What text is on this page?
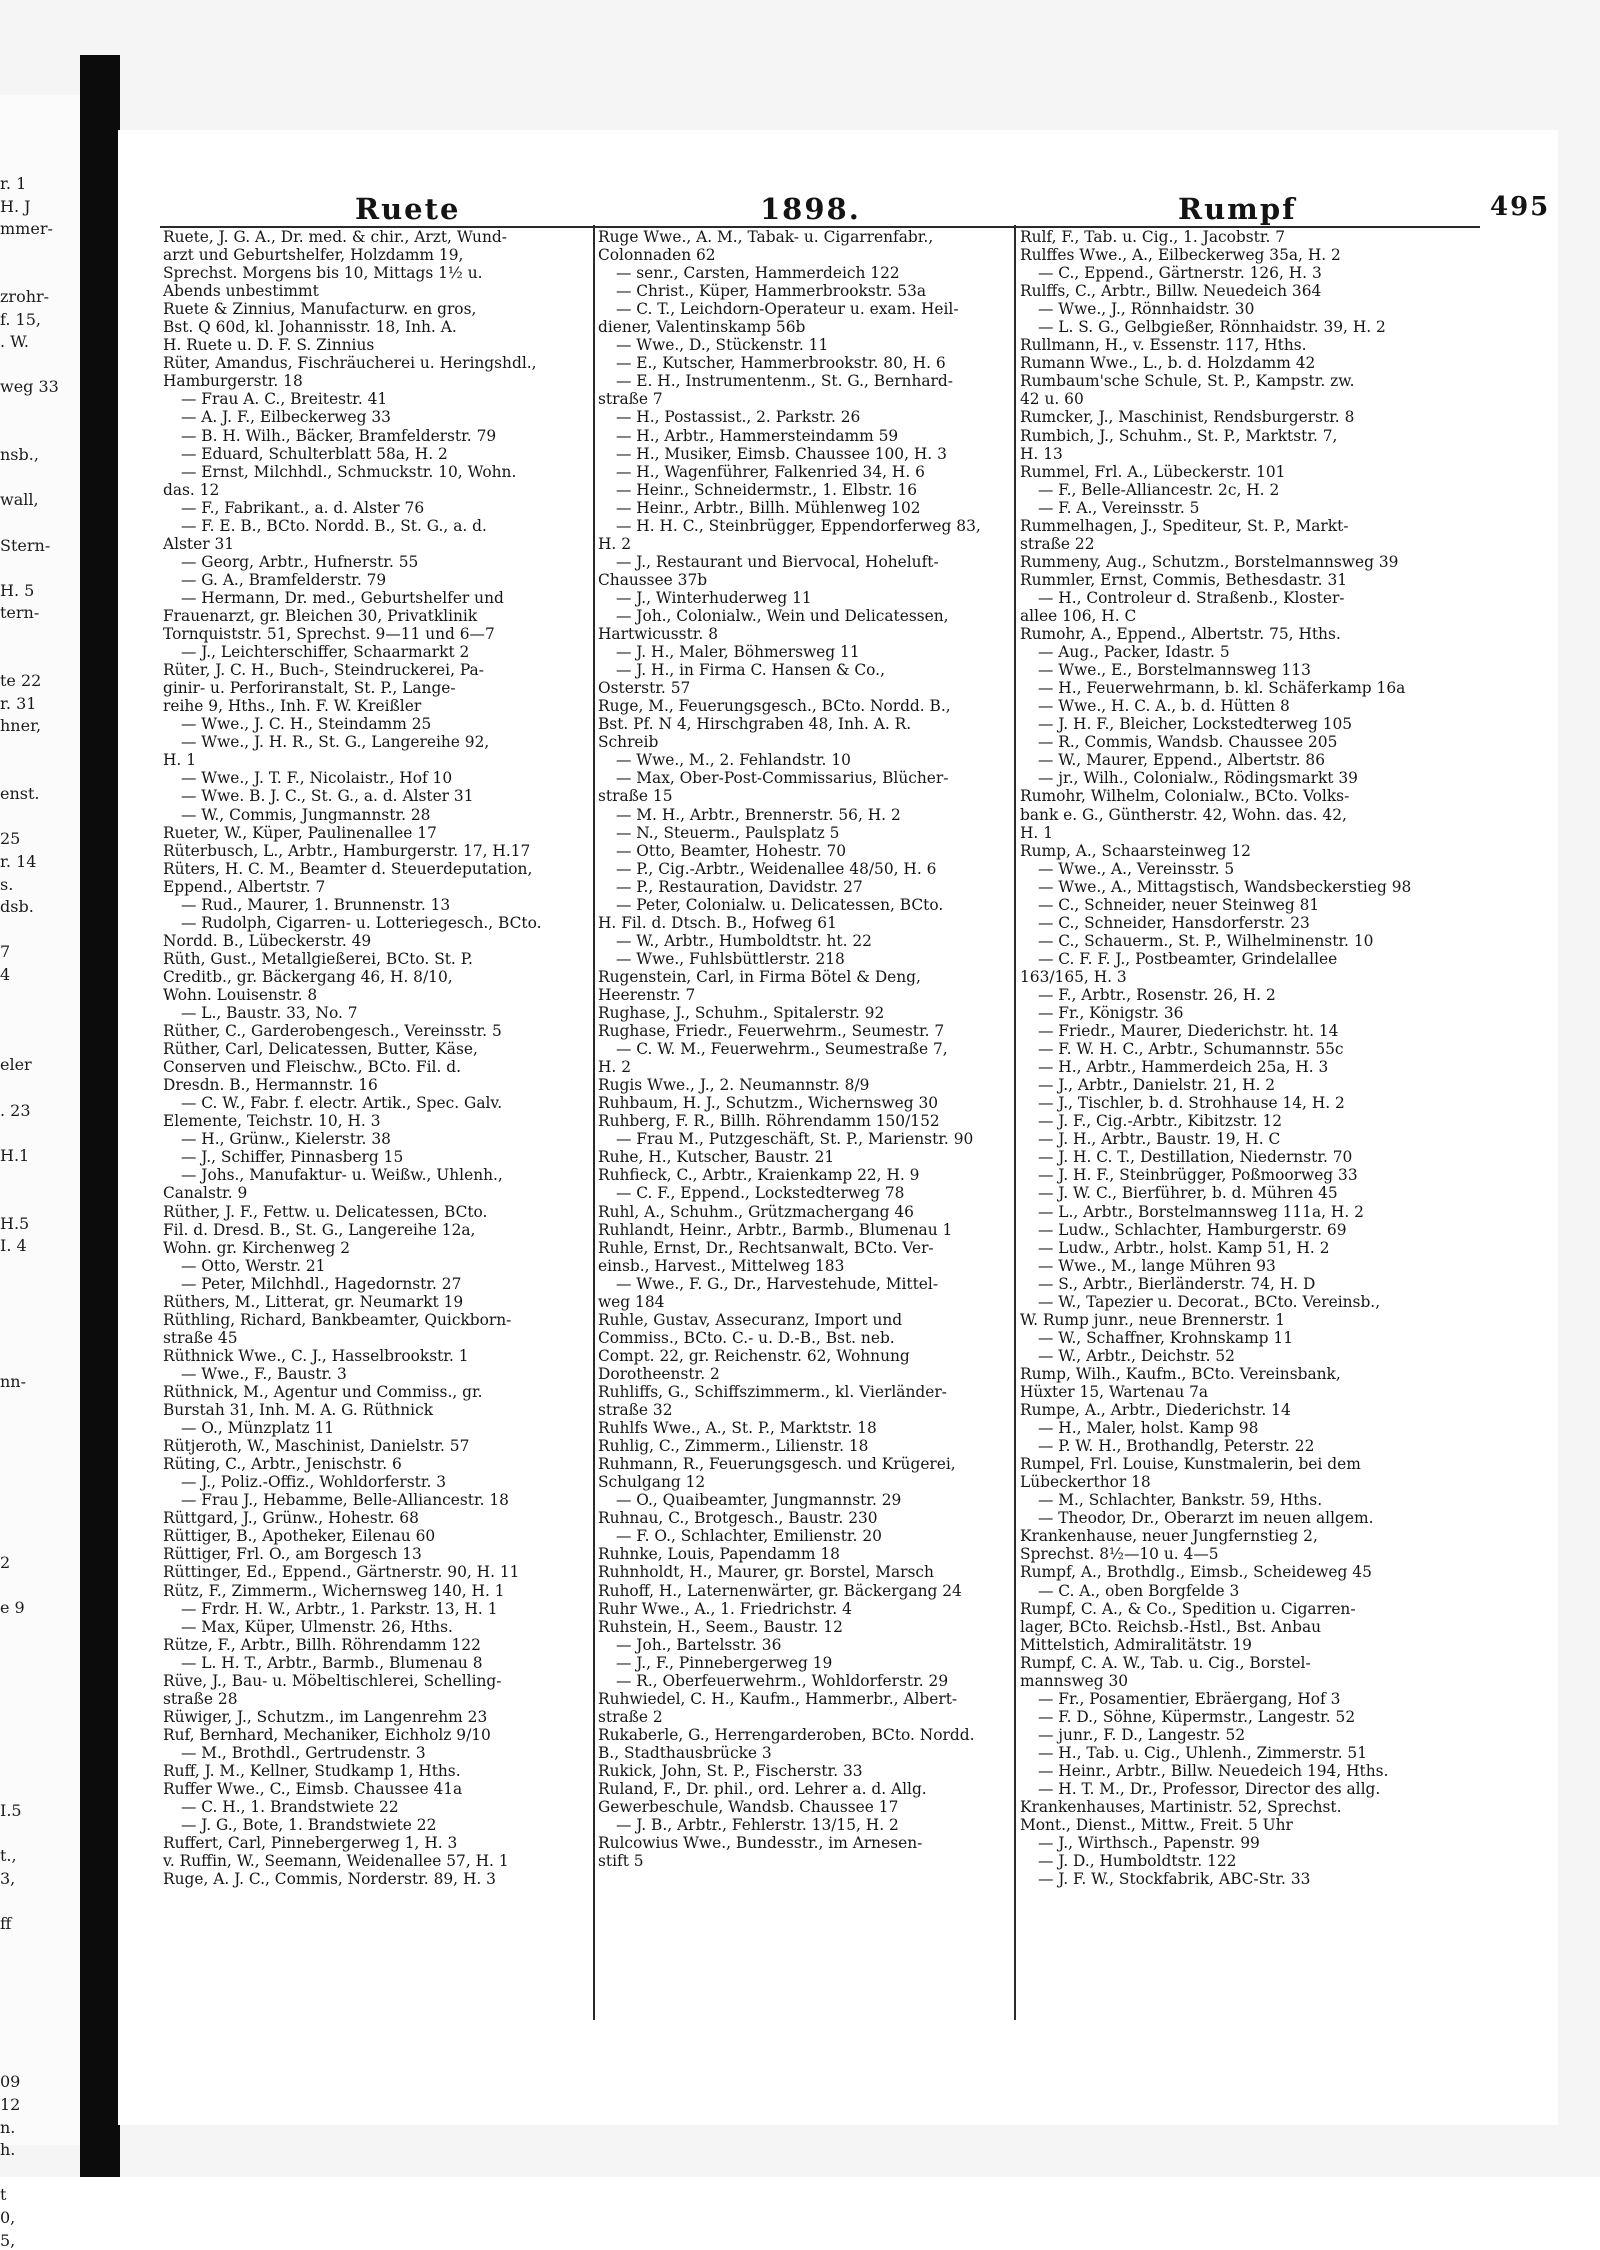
r. 1
H. J
mmer-
zrohr-
f. 15,
. W.
weg 33
nsb.,
wall,
Stern-
H. 5
tern-
te 22
r. 31
hner,
enst.
25
r. 14
s.
dsb.
7
4
eler
. 23
H.1
H.5
I. 4
nn-
2
e 9
I.5
t.,
3,
ff
09
12
n.
h.
t
0,
5,
Ruete	1898.	Rumpf	495
Ruete, J. G. A., Dr. med. & chir., Arzt, Wund-
arzt und Geburtshelfer, Holzdamm 19,
Sprechst. Morgens bis 10, Mittags 1½ u.
Abends unbestimmt
Ruete & Zinnius, Manufacturw. en gros,
Bst. Q 60d, kl. Johannisstr. 18, Inh. A.
H. Ruete u. D. F. S. Zinnius
Rüter, Amandus, Fischräucherei u. Heringshdl.,
Hamburgerstr. 18
— Frau A. C., Breitestr. 41
— A. J. F., Eilbeckerweg 33
— B. H. Wilh., Bäcker, Bramfelderstr. 79
— Eduard, Schulterblatt 58a, H. 2
— Ernst, Milchhdl., Schmuckstr. 10, Wohn.
das. 12
— F., Fabrikant., a. d. Alster 76
— F. E. B., BCto. Nordd. B., St. G., a. d.
Alster 31
— Georg, Arbtr., Hufnerstr. 55
— G. A., Bramfelderstr. 79
— Hermann, Dr. med., Geburtshelfer und
Frauenarzt, gr. Bleichen 30, Privatklinik
Tornquiststr. 51, Sprechst. 9—11 und 6—7
— J., Leichterschiffer, Schaarmarkt 2
Rüter, J. C. H., Buch-, Steindruckerei, Pa-
ginir- u. Perforiranstalt, St. P., Lange-
reihe 9, Hths., Inh. F. W. Kreißler
— Wwe., J. C. H., Steindamm 25
— Wwe., J. H. R., St. G., Langereihe 92,
H. 1
— Wwe., J. T. F., Nicolaistr., Hof 10
— Wwe. B. J. C., St. G., a. d. Alster 31
— W., Commis, Jungmannstr. 28
Rueter, W., Küper, Paulinenallee 17
Rüterbusch, L., Arbtr., Hamburgerstr. 17, H.17
Rüters, H. C. M., Beamter d. Steuerdeputation,
Eppend., Albertstr. 7
— Rud., Maurer, 1. Brunnenstr. 13
— Rudolph, Cigarren- u. Lotteriegesch., BCto.
Nordd. B., Lübeckerstr. 49
Rüth, Gust., Metallgießerei, BCto. St. P.
Creditb., gr. Bäckergang 46, H. 8/10,
Wohn. Louisenstr. 8
— L., Baustr. 33, No. 7
Rüther, C., Garderobengesch., Vereinsstr. 5
Rüther, Carl, Delicatessen, Butter, Käse,
Conserven und Fleischw., BCto. Fil. d.
Dresdn. B., Hermannstr. 16
— C. W., Fabr. f. electr. Artik., Spec. Galv.
Elemente, Teichstr. 10, H. 3
— H., Grünw., Kielerstr. 38
— J., Schiffer, Pinnasberg 15
— Johs., Manufaktur- u. Weißw., Uhlenh.,
Canalstr. 9
Rüther, J. F., Fettw. u. Delicatessen, BCto.
Fil. d. Dresd. B., St. G., Langereihe 12a,
Wohn. gr. Kirchenweg 2
— Otto, Werstr. 21
— Peter, Milchhdl., Hagedornstr. 27
Rüthers, M., Litterat, gr. Neumarkt 19
Rüthling, Richard, Bankbeamter, Quickborn-
straße 45
Rüthnick Wwe., C. J., Hasselbrookstr. 1
— Wwe., F., Baustr. 3
Rüthnick, M., Agentur und Commiss., gr.
Burstah 31, Inh. M. A. G. Rüthnick
— O., Münzplatz 11
Rütjeroth, W., Maschinist, Danielstr. 57
Rüting, C., Arbtr., Jenischstr. 6
— J., Poliz.-Offiz., Wohldorferstr. 3
— Frau J., Hebamme, Belle-Alliancestr. 18
Rüttgard, J., Grünw., Hohestr. 68
Rüttiger, B., Apotheker, Eilenau 60
Rüttiger, Frl. O., am Borgesch 13
Rüttinger, Ed., Eppend., Gärtnerstr. 90, H. 11
Rütz, F., Zimmerm., Wichernsweg 140, H. 1
— Frdr. H. W., Arbtr., 1. Parkstr. 13, H. 1
— Max, Küper, Ulmenstr. 26, Hths.
Rütze, F., Arbtr., Billh. Röhrendamm 122
— L. H. T., Arbtr., Barmb., Blumenau 8
Rüve, J., Bau- u. Möbeltischlerei, Schelling-
straße 28
Rüwiger, J., Schutzm., im Langenrehm 23
Ruf, Bernhard, Mechaniker, Eichholz 9/10
— M., Brothdl., Gertrudenstr. 3
Ruff, J. M., Kellner, Studkamp 1, Hths.
Ruffer Wwe., C., Eimsb. Chaussee 41a
— C. H., 1. Brandstwiete 22
— J. G., Bote, 1. Brandstwiete 22
Ruffert, Carl, Pinnebergerweg 1, H. 3
v. Ruffin, W., Seemann, Weidenallee 57, H. 1
Ruge, A. J. C., Commis, Norderstr. 89, H. 3
Ruge Wwe., A. M., Tabak- u. Cigarrenfabr.,
Colonnaden 62
— senr., Carsten, Hammerdeich 122
— Christ., Küper, Hammerbrookstr. 53a
— C. T., Leichdorn-Operateur u. exam. Heil-
diener, Valentinskamp 56b
— Wwe., D., Stückenstr. 11
— E., Kutscher, Hammerbrookstr. 80, H. 6
— E. H., Instrumentenm., St. G., Bernhard-
straße 7
— H., Postassist., 2. Parkstr. 26
— H., Arbtr., Hammersteindamm 59
— H., Musiker, Eimsb. Chaussee 100, H. 3
— H., Wagenführer, Falkenried 34, H. 6
— Heinr., Schneidermstr., 1. Elbstr. 16
— Heinr., Arbtr., Billh. Mühlenweg 102
— H. H. C., Steinbrügger, Eppendorferweg 83,
H. 2
— J., Restaurant und Biervocal, Hoheluft-
Chaussee 37b
— J., Winterhuderweg 11
— Joh., Colonialw., Wein und Delicatessen,
Hartwicusstr. 8
— J. H., Maler, Böhmersweg 11
— J. H., in Firma C. Hansen & Co.,
Osterstr. 57
Ruge, M., Feuerungsgesch., BCto. Nordd. B.,
Bst. Pf. N 4, Hirschgraben 48, Inh. A. R.
Schreib
— Wwe., M., 2. Fehlandstr. 10
— Max, Ober-Post-Commissarius, Blücher-
straße 15
— M. H., Arbtr., Brennerstr. 56, H. 2
— N., Steuerm., Paulsplatz 5
— Otto, Beamter, Hohestr. 70
— P., Cig.-Arbtr., Weidenallee 48/50, H. 6
— P., Restauration, Davidstr. 27
— Peter, Colonialw. u. Delicatessen, BCto.
H. Fil. d. Dtsch. B., Hofweg 61
— W., Arbtr., Humboldtstr. ht. 22
— Wwe., Fuhlsbüttlerstr. 218
Rugenstein, Carl, in Firma Bötel & Deng,
Heerenstr. 7
Rughase, J., Schuhm., Spitalerstr. 92
Rughase, Friedr., Feuerwehrm., Seumestr. 7
— C. W. M., Feuerwehrm., Seumestraße 7,
H. 2
Rugis Wwe., J., 2. Neumannstr. 8/9
Ruhbaum, H. J., Schutzm., Wichernsweg 30
Ruhberg, F. R., Billh. Röhrendamm 150/152
— Frau M., Putzgeschäft, St. P., Marienstr. 90
Ruhe, H., Kutscher, Baustr. 21
Ruhfieck, C., Arbtr., Kraienkamp 22, H. 9
— C. F., Eppend., Lockstedterweg 78
Ruhl, A., Schuhm., Grützmachergang 46
Ruhlandt, Heinr., Arbtr., Barmb., Blumenau 1
Ruhle, Ernst, Dr., Rechtsanwalt, BCto. Ver-
einsb., Harvest., Mittelweg 183
— Wwe., F. G., Dr., Harvestehude, Mittel-
weg 184
Ruhle, Gustav, Assecuranz, Import und
Commiss., BCto. C.- u. D.-B., Bst. neb.
Compt. 22, gr. Reichenstr. 62, Wohnung
Dorotheenstr. 2
Ruhliffs, G., Schiffszimmerm., kl. Vierländer-
straße 32
Ruhlfs Wwe., A., St. P., Marktstr. 18
Ruhlig, C., Zimmerm., Lilienstr. 18
Ruhmann, R., Feuerungsgesch. und Krügerei,
Schulgang 12
— O., Quaibeamter, Jungmannstr. 29
Ruhnau, C., Brotgesch., Baustr. 230
— F. O., Schlachter, Emilienstr. 20
Ruhnke, Louis, Papendamm 18
Ruhnholdt, H., Maurer, gr. Borstel, Marsch
Ruhoff, H., Laternenwärter, gr. Bäckergang 24
Ruhr Wwe., A., 1. Friedrichstr. 4
Ruhstein, H., Seem., Baustr. 12
— Joh., Bartelsstr. 36
— J., F., Pinnebergerweg 19
— R., Oberfeuerwehrm., Wohldorferstr. 29
Ruhwiedel, C. H., Kaufm., Hammerbr., Albert-
straße 2
Rukaberle, G., Herrengarderoben, BCto. Nordd.
B., Stadthausbrücke 3
Rukick, John, St. P., Fischerstr. 33
Ruland, F., Dr. phil., ord. Lehrer a. d. Allg.
Gewerbeschule, Wandsb. Chaussee 17
— J. B., Arbtr., Fehlerstr. 13/15, H. 2
Rulcowius Wwe., Bundesstr., im Arnesen-
stift 5
Rulf, F., Tab. u. Cig., 1. Jacobstr. 7
Rulffes Wwe., A., Eilbeckerweg 35a, H. 2
— C., Eppend., Gärtnerstr. 126, H. 3
Rulffs, C., Arbtr., Billw. Neuedeich 364
— Wwe., J., Rönnhaidstr. 30
— L. S. G., Gelbgießer, Rönnhaidstr. 39, H. 2
Rullmann, H., v. Essenstr. 117, Hths.
Rumann Wwe., L., b. d. Holzdamm 42
Rumbaum'sche Schule, St. P., Kampstr. zw.
42 u. 60
Rumcker, J., Maschinist, Rendsburgerstr. 8
Rumbich, J., Schuhm., St. P., Marktstr. 7,
H. 13
Rummel, Frl. A., Lübeckerstr. 101
— F., Belle-Alliancestr. 2c, H. 2
— F. A., Vereinsstr. 5
Rummelhagen, J., Spediteur, St. P., Markt-
straße 22
Rummeny, Aug., Schutzm., Borstelmannsweg 39
Rummler, Ernst, Commis, Bethesdastr. 31
— H., Controleur d. Straßenb., Kloster-
allee 106, H. C
Rumohr, A., Eppend., Albertstr. 75, Hths.
— Aug., Packer, Idastr. 5
— Wwe., E., Borstelmannsweg 113
— H., Feuerwehrmann, b. kl. Schäferkamp 16a
— Wwe., H. C. A., b. d. Hütten 8
— J. H. F., Bleicher, Lockstedterweg 105
— R., Commis, Wandsb. Chaussee 205
— W., Maurer, Eppend., Albertstr. 86
— jr., Wilh., Colonialw., Rödingsmarkt 39
Rumohr, Wilhelm, Colonialw., BCto. Volks-
bank e. G., Güntherstr. 42, Wohn. das. 42,
H. 1
Rump, A., Schaarsteinweg 12
— Wwe., A., Vereinsstr. 5
— Wwe., A., Mittagstisch, Wandsbeckerstieg 98
— C., Schneider, neuer Steinweg 81
— C., Schneider, Hansdorferstr. 23
— C., Schauerm., St. P., Wilhelminenstr. 10
— C. F. F. J., Postbeamter, Grindelallee
163/165, H. 3
— F., Arbtr., Rosenstr. 26, H. 2
— Fr., Königstr. 36
— Friedr., Maurer, Diederichstr. ht. 14
— F. W. H. C., Arbtr., Schumannstr. 55c
— H., Arbtr., Hammerdeich 25a, H. 3
— J., Arbtr., Danielstr. 21, H. 2
— J., Tischler, b. d. Strohhause 14, H. 2
— J. F., Cig.-Arbtr., Kibitzstr. 12
— J. H., Arbtr., Baustr. 19, H. C
— J. H. C. T., Destillation, Niedernstr. 70
— J. H. F., Steinbrügger, Poßmoorweg 33
— J. W. C., Bierführer, b. d. Mühren 45
— L., Arbtr., Borstelmannsweg 111a, H. 2
— Ludw., Schlachter, Hamburgerstr. 69
— Ludw., Arbtr., holst. Kamp 51, H. 2
— Wwe., M., lange Mühren 93
— S., Arbtr., Bierländerstr. 74, H. D
— W., Tapezier u. Decorat., BCto. Vereinsb.,
W. Rump junr., neue Brennerstr. 1
— W., Schaffner, Krohnskamp 11
— W., Arbtr., Deichstr. 52
Rump, Wilh., Kaufm., BCto. Vereinsbank,
Hüxter 15, Wartenau 7a
Rumpe, A., Arbtr., Diederichstr. 14
— H., Maler, holst. Kamp 98
— P. W. H., Brothandlg, Peterstr. 22
Rumpel, Frl. Louise, Kunstmalerin, bei dem
Lübeckerthor 18
— M., Schlachter, Bankstr. 59, Hths.
— Theodor, Dr., Oberarzt im neuen allgem.
Krankenhause, neuer Jungfernstieg 2,
Sprechst. 8½—10 u. 4—5
Rumpf, A., Brothdlg., Eimsb., Scheideweg 45
— C. A., oben Borgfelde 3
Rumpf, C. A., & Co., Spedition u. Cigarren-
lager, BCto. Reichsb.-Hstl., Bst. Anbau
Mittelstich, Admiralitätstr. 19
Rumpf, C. A. W., Tab. u. Cig., Borstel-
mannsweg 30
— Fr., Posamentier, Ebräergang, Hof 3
— F. D., Söhne, Küpermstr., Langestr. 52
— junr., F. D., Langestr. 52
— H., Tab. u. Cig., Uhlenh., Zimmerstr. 51
— Heinr., Arbtr., Billw. Neuedeich 194, Hths.
— H. T. M., Dr., Professor, Director des allg.
Krankenhauses, Martinistr. 52, Sprechst.
Mont., Dienst., Mittw., Freit. 5 Uhr
— J., Wirthsch., Papenstr. 99
— J. D., Humboldtstr. 122
— J. F. W., Stockfabrik, ABC-Str. 33
